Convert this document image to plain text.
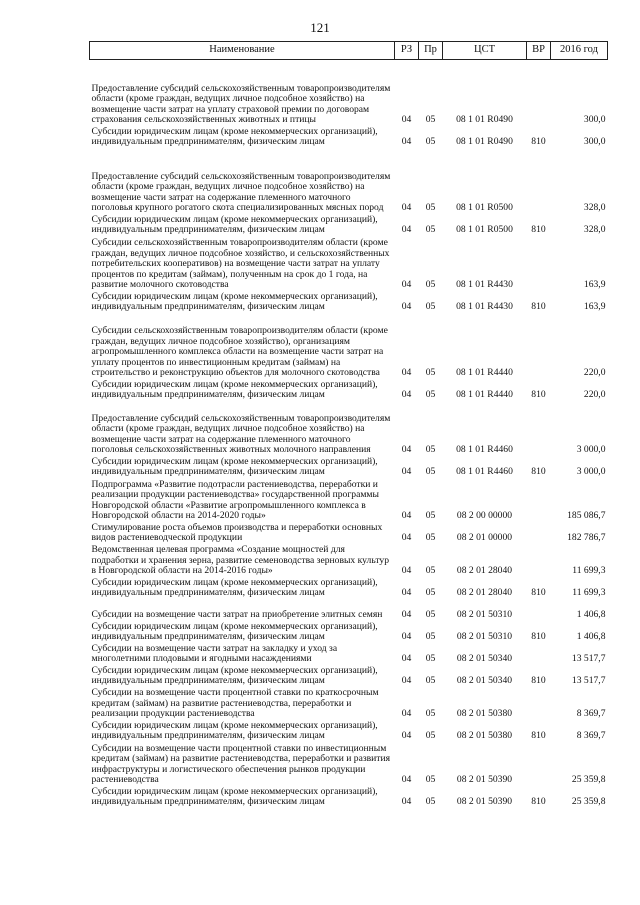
121
Наименование	РЗ	Пр	ЦСТ	ВР	2016 год
Предоставление субсидий сельскохозяйственным товаропроизводителям области (кроме граждан, ведущих личное подсобное хозяйство) на возмещение части затрат на уплату страховой премии по договорам страхования сельскохозяйственных животных и птицы	04	05	08 1 01 R0490		300,0
Субсидии юридическим лицам (кроме некоммерческих организаций), индивидуальным предпринимателям, физическим лицам	04	05	08 1 01 R0490	810	300,0
Предоставление субсидий сельскохозяйственным товаропроизводителям области (кроме граждан, ведущих личное подсобное хозяйство) на возмещение части затрат на содержание племенного маточного поголовья крупного рогатого скота специализированных мясных пород	04	05	08 1 01 R0500		328,0
Субсидии юридическим лицам (кроме некоммерческих организаций), индивидуальным предпринимателям, физическим лицам	04	05	08 1 01 R0500	810	328,0
Субсидии сельскохозяйственным товаропроизводителям области (кроме граждан, ведущих личное подсобное хозяйство, и сельскохозяйственных потребительских кооперативов) на возмещение части затрат на уплату процентов по кредитам (займам), полученным на срок до 1 года, на развитие молочного скотоводства	04	05	08 1 01 R4430		163,9
Субсидии юридическим лицам (кроме некоммерческих организаций), индивидуальным предпринимателям, физическим лицам	04	05	08 1 01 R4430	810	163,9
Субсидии сельскохозяйственным товаропроизводителям области (кроме граждан, ведущих личное подсобное хозяйство), организациям агропромышленного комплекса области на возмещение части затрат на уплату процентов по инвестиционным кредитам (займам) на строительство и реконструкцию объектов для молочного скотоводства	04	05	08 1 01 R4440		220,0
Субсидии юридическим лицам (кроме некоммерческих организаций), индивидуальным предпринимателям, физическим лицам	04	05	08 1 01 R4440	810	220,0
Предоставление субсидий сельскохозяйственным товаропроизводителям области (кроме граждан, ведущих личное подсобное хозяйство) на возмещение части затрат на содержание племенного маточного поголовья сельскохозяйственных животных молочного направления	04	05	08 1 01 R4460		3 000,0
Субсидии юридическим лицам (кроме некоммерческих организаций), индивидуальным предпринимателям, физическим лицам	04	05	08 1 01 R4460	810	3 000,0
Подпрограмма «Развитие подотрасли растениеводства, переработки и реализации продукции растениеводства» государственной программы Новгородской области «Развитие агропромышленного комплекса в Новгородской области на 2014-2020 годы»	04	05	08 2 00 00000		185 086,7
Стимулирование роста объемов производства и переработки основных видов растениеводческой продукции	04	05	08 2 01 00000		182 786,7
Ведомственная целевая программа «Создание мощностей для подработки и хранения зерна, развитие семеноводства зерновых культур в Новгородской области на 2014-2016 годы»	04	05	08 2 01 28040		11 699,3
Субсидии юридическим лицам (кроме некоммерческих организаций), индивидуальным предпринимателям, физическим лицам	04	05	08 2 01 28040	810	11 699,3
Субсидии на возмещение части затрат на приобретение элитных семян	04	05	08 2 01 50310		1 406,8
Субсидии юридическим лицам (кроме некоммерческих организаций), индивидуальным предпринимателям, физическим лицам	04	05	08 2 01 50310	810	1 406,8
Субсидии на возмещение части затрат на закладку и уход за многолетними плодовыми и ягодными насаждениями	04	05	08 2 01 50340		13 517,7
Субсидии юридическим лицам (кроме некоммерческих организаций), индивидуальным предпринимателям, физическим лицам	04	05	08 2 01 50340	810	13 517,7
Субсидии на возмещение части процентной ставки по краткосрочным кредитам (займам) на развитие растениеводства, переработки и реализации продукции растениеводства	04	05	08 2 01 50380		8 369,7
Субсидии юридическим лицам (кроме некоммерческих организаций), индивидуальным предпринимателям, физическим лицам	04	05	08 2 01 50380	810	8 369,7
Субсидии на возмещение части процентной ставки по инвестиционным кредитам (займам) на развитие растениеводства, переработки и развития инфраструктуры и логистического обеспечения рынков продукции растениеводства	04	05	08 2 01 50390		25 359,8
Субсидии юридическим лицам (кроме некоммерческих организаций), индивидуальным предпринимателям, физическим лицам	04	05	08 2 01 50390	810	25 359,8
